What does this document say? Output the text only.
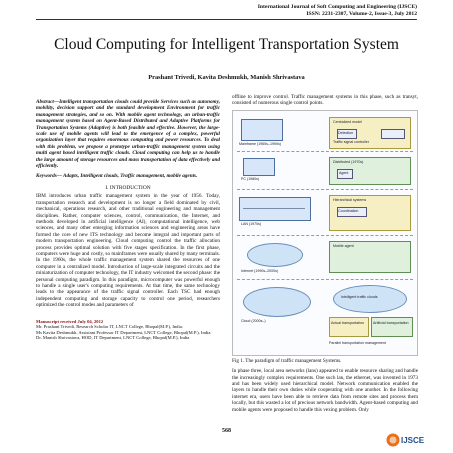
International Journal of Soft Computing and Engineering (IJSCE)
ISSN: 2231-2307, Volume-2, Issue-3, July 2012
Cloud Computing for Intelligent Transportation System
Prashant Trivedi, Kavita Deshmukh, Manish Shrivastava
Abstract—Intelligent transportation clouds could provide Services such as autonomy, mobility, decision support and the standard development Environment for traffic management strategies, and so on. With mobile agent technology, an urban-traffic management system based on Agent-Based Distributed and Adaptive Platforms for Transportation Systems (Adaptive) is both feasible and effective. However, the large-scale use of mobile agents will lead to the emergence of a complex, powerful organization layer that requires enormous computing and power resources. To deal with this problem, we propose a prototype urban-traffic management system using multi agent based intelligent traffic clouds. Cloud computing can help us to handle the large amount of storage resources and mass transportation of data effectively and efficiently.
Keywords— Adapts, Intelligent clouds, Traffic management, mobile agents.
I. INTRODUCTION

IBM introduces urban traffic management system in the year of 1956. Today, transportation research and development is no longer a field dominated by civil, mechanical, operations research, and other traditional engineering and management disciplines. Rather, computer sciences, control, communication, the Internet, and methods developed in artificial intelligence (AI), computational intelligence, web sciences, and many other emerging information sciences and engineering areas have formed the core of new ITS technology and become integral and important parts of modern transportation engineering. Cloud computing control the traffic allocation process provides optimal solution with five stages specification. In the first phase, computers were huge and costly, so mainframes were usually shared by many terminals. In the 1960s, the whole traffic management system shared the resources of one computer in a centralized model. Introduction of large-scale integrated circuits and the miniaturization of computer technology, the IT industry welcomed the second phase: the personal computing paradigm. In this paradigm, microcomputer was powerful enough to handle a single user's computing requirements. At that time, the same technology leads to the appearance of the traffic signal controller. Each TSC had enough independent computing and storage capacity to control one period, researchers optimized the control modes and parameters of

Manuscript received July 04, 2012
Mr. Prashant Trivedi, Research Scholar IT, LNCT College, Bhopal(M.P.), India.
Ms Kavita Deshmukh, Assistant Professor IT Department, LNCT College, Bhopal(M.P.), India.
Dr. Manish Shrivastava, HOD, IT Department, LNCT College, Bhopal(M.P.), India

offline to improve control. Traffic management systems in this phase, such as transyt, consisted of numerous single control points.

Mainframe (1960s–1990s)
Centralized model
Detection
Traffic signal controller
PC (1980s)
Distributed (1970s)
Agent
LAN (1970s)
Hierarchical systems
Coordination
Internet (1990s–2000s)
Mobile agent
Cloud (2000s–)
Intelligent traffic clouds
Actual transportation	Artificial transportation
Parallel transportation management
Fig 1. The paradigm of traffic management Systems.

In phase three, local area networks (lans) appeared to enable resource sharing and handle the increasingly complex requirements. One such lan, the ethernet, was invented in 1973 and has been widely used hierarchical model. Network communication enabled the layers to handle their own duties while cooperating with one another. In the following internet era, users have been able to retrieve data from remote sites and process them locally, but this wasted a lot of precious network bandwidth. Agent-based computing and mobile agents were proposed to handle this vexing problem. Only

568
IJSCE
